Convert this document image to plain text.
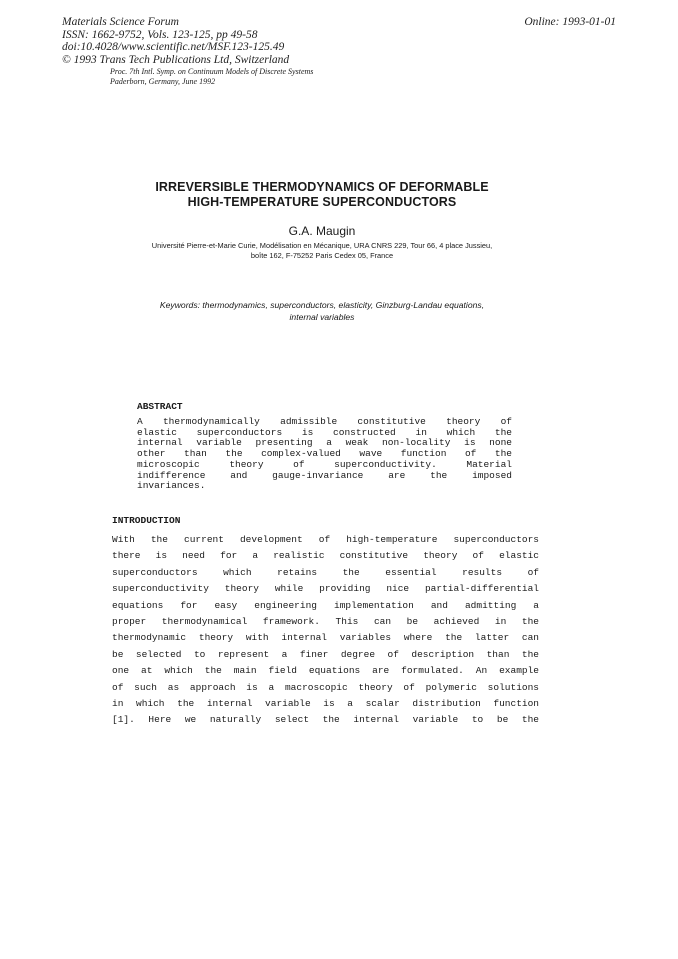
Materials Science Forum
ISSN: 1662-9752, Vols. 123-125, pp 49-58
doi:10.4028/www.scientific.net/MSF.123-125.49
© 1993 Trans Tech Publications Ltd, Switzerland
Online: 1993-01-01
Proc. 7th Intl. Symp. on Continuum Models of Discrete Systems
Paderborn, Germany, June 1992
IRREVERSIBLE THERMODYNAMICS OF DEFORMABLE
HIGH-TEMPERATURE SUPERCONDUCTORS
G.A. Maugin
Université Pierre-et-Marie Curie, Modélisation en Mécanique, URA CNRS 229, Tour 66, 4 place Jussieu,
boîte 162, F-75252 Paris Cedex 05, France
Keywords: thermodynamics, superconductors, elasticity, Ginzburg-Landau equations,
internal variables
ABSTRACT
A thermodynamically admissible constitutive theory of
elastic superconductors is constructed in which the
internal variable presenting a weak non-locality is none
other than the complex-valued wave function of the
microscopic theory of superconductivity. Material
indifference and gauge-invariance are the imposed
invariances.
INTRODUCTION
With the current development of high-temperature superconductors
there is need for a realistic constitutive theory of elastic
superconductors which retains the essential results of
superconductivity theory while providing nice partial-differential
equations for easy engineering implementation and admitting a
proper thermodynamical framework. This can be achieved in the
thermodynamic theory with internal variables where the latter can
be selected to represent a finer degree of description than the
one at which the main field equations are formulated. An example
of such as approach is a macroscopic theory of polymeric solutions
in which the internal variable is a scalar distribution function
[1]. Here we naturally select the internal variable to be the
